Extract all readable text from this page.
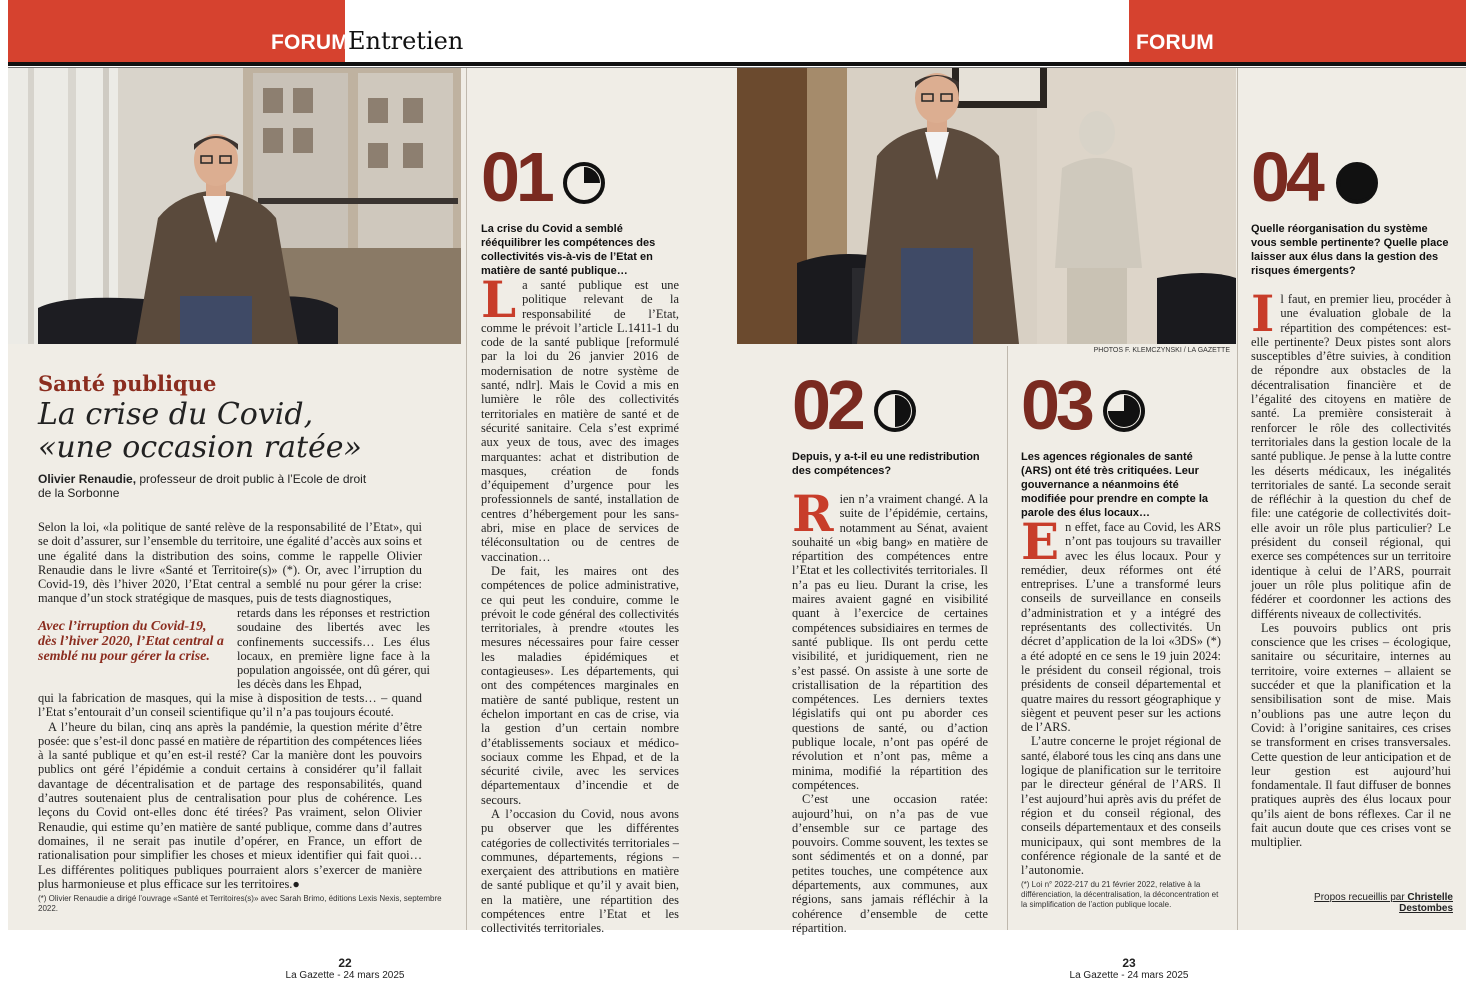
FORUM Entretien	FORUM
PHOTOS F. KLEMCZYNSKI / LA GAZETTE
Santé publique
La crise du Covid,
«une occasion ratée»
Olivier Renaudie, professeur de droit public à l’Ecole de droit de la Sorbonne

Selon la loi, «la politique de santé relève de la responsabilité de l’Etat», qui se doit d’assurer, sur l’ensemble du territoire, une égalité d’accès aux soins et une égalité dans la distribution des soins, comme le rappelle Olivier Renaudie dans le livre «Santé et Territoire(s)» (*). Or, avec l’irruption du Covid-19, dès l’hiver 2020, l’Etat central a semblé nu pour gérer la crise: manque d’un stock stratégique de masques, puis de tests diagnostiques,

Avec l’irruption du Covid-19, dès l’hiver 2020, l’Etat central a semblé nu pour gérer la crise.

retards dans les réponses et restriction soudaine des libertés avec les confinements successifs… Les élus locaux, en première ligne face à la population angoissée, ont dû gérer, qui les décès dans les Ehpad,

qui la fabrication de masques, qui la mise à disposition de tests… – quand l’Etat s’entourait d’un conseil scientifique qu’il n’a pas toujours écouté.

A l’heure du bilan, cinq ans après la pandémie, la question mérite d’être posée: que s’est-il donc passé en matière de répartition des compétences liées à la santé publique et qu’en est-il resté? Car la manière dont les pouvoirs publics ont géré l’épidémie a conduit certains à considérer qu’il fallait davantage de décentralisation et de partage des responsabilités, quand d’autres soutenaient plus de centralisation pour plus de cohérence. Les leçons du Covid ont-elles donc été tirées? Pas vraiment, selon Olivier Renaudie, qui estime qu’en matière de santé publique, comme dans d’autres domaines, il ne serait pas inutile d’opérer, en France, un effort de rationalisation pour simplifier les choses et mieux identifier qui fait quoi… Les différentes politiques publiques pourraient alors s’exercer de manière plus harmonieuse et plus efficace sur les territoires.●

(*) Olivier Renaudie a dirigé l’ouvrage «Santé et Territoires(s)» avec Sarah Brimo, éditions Lexis Nexis, septembre 2022.
01
La crise du Covid a semblé rééquilibrer les compétences des collectivités vis-à-vis de l’Etat en matière de santé publique…

La santé publique est une politique relevant de la responsabilité de l’Etat, comme le prévoit l’article L.1411-1 du code de la santé publique [reformulé par la loi du 26 janvier 2016 de modernisation de notre système de santé, ndlr]. Mais le Covid a mis en lumière le rôle des collectivités territoriales en matière de santé et de sécurité sanitaire. Cela s’est exprimé aux yeux de tous, avec des images marquantes: achat et distribution de masques, création de fonds d’équipement d’urgence pour les professionnels de santé, installation de centres d’hébergement pour les sans-abri, mise en place de services de téléconsultation ou de centres de vaccination…

De fait, les maires ont des compétences de police administrative, ce qui peut les conduire, comme le prévoit le code général des collectivités territoriales, à prendre «toutes les mesures nécessaires pour faire cesser les maladies épidémiques et contagieuses». Les départements, qui ont des compétences marginales en matière de santé publique, restent un échelon important en cas de crise, via la gestion d’un certain nombre d’établissements sociaux et médico-sociaux comme les Ehpad, et de la sécurité civile, avec les services départementaux d’incendie et de secours.

A l’occasion du Covid, nous avons pu observer que les différentes catégories de collectivités territoriales – communes, départements, régions – exerçaient des attributions en matière de santé publique et qu’il y avait bien, en la matière, une répartition des compétences entre l’Etat et les collectivités territoriales.

02
Depuis, y a-t-il eu une redistribution des compétences?

Rien n’a vraiment changé. A la suite de l’épidémie, certains, notamment au Sénat, avaient souhaité un «big bang» en matière de répartition des compétences entre l’Etat et les collectivités territoriales. Il n’a pas eu lieu. Durant la crise, les maires avaient gagné en visibilité quant à l’exercice de certaines compétences subsidiaires en termes de santé publique. Ils ont perdu cette visibilité, et juridiquement, rien ne s’est passé. On assiste à une sorte de cristallisation de la répartition des compétences. Les derniers textes législatifs qui ont pu aborder ces questions de santé, ou d’action publique locale, n’ont pas opéré de révolution et n’ont pas, même a minima, modifié la répartition des compétences.

C’est une occasion ratée: aujourd’hui, on n’a pas de vue d’ensemble sur ce partage des pouvoirs. Comme souvent, les textes se sont sédimentés et on a donné, par petites touches, une compétence aux départements, aux communes, aux régions, sans jamais réfléchir à la cohérence d’ensemble de cette répartition.

03
Les agences régionales de santé (ARS) ont été très critiquées. Leur gouvernance a néanmoins été modifiée pour prendre en compte la parole des élus locaux…

En effet, face au Covid, les ARS n’ont pas toujours su travailler avec les élus locaux. Pour y remédier, deux réformes ont été entreprises. L’une a transformé leurs conseils de surveillance en conseils d’administration et y a intégré des représentants des collectivités. Un décret d’application de la loi «3DS» (*) a été adopté en ce sens le 19 juin 2024: le président du conseil régional, trois présidents de conseil départemental et quatre maires du ressort géographique y siègent et peuvent peser sur les actions de l’ARS.

L’autre concerne le projet régional de santé, élaboré tous les cinq ans dans une logique de planification sur le territoire par le directeur général de l’ARS. Il l’est aujourd’hui après avis du préfet de région et du conseil régional, des conseils départementaux et des conseils municipaux, qui sont membres de la conférence régionale de la santé et de l’autonomie.

(*) Loi n° 2022-217 du 21 février 2022, relative à la différenciation, la décentralisation, la déconcentration et la simplification de l’action publique locale.
04
Quelle réorganisation du système vous semble pertinente? Quelle place laisser aux élus dans la gestion des risques émergents?

Il faut, en premier lieu, procéder à une évaluation globale de la répartition des compétences: est-elle pertinente? Deux pistes sont alors susceptibles d’être suivies, à condition de répondre aux obstacles de la décentralisation financière et de l’égalité des citoyens en matière de santé. La première consisterait à renforcer le rôle des collectivités territoriales dans la gestion locale de la santé publique. Je pense à la lutte contre les déserts médicaux, les inégalités territoriales de santé. La seconde serait de réfléchir à la question du chef de file: une catégorie de collectivités doit-elle avoir un rôle plus particulier? Le président du conseil régional, qui exerce ses compétences sur un territoire identique à celui de l’ARS, pourrait jouer un rôle plus politique afin de fédérer et coordonner les actions des différents niveaux de collectivités.

Les pouvoirs publics ont pris conscience que les crises – écologique, sanitaire ou sécuritaire, internes au territoire, voire externes – allaient se succéder et que la planification et la sensibilisation sont de mise. Mais n’oublions pas une autre leçon du Covid: à l’origine sanitaires, ces crises se transforment en crises transversales. Cette question de leur anticipation et de leur gestion est aujourd’hui fondamentale. Il faut diffuser de bonnes pratiques auprès des élus locaux pour qu’ils aient de bons réflexes. Car il ne fait aucun doute que ces crises vont se multiplier.

Propos recueillis par Christelle Destombes
22
La Gazette - 24 mars 2025
23
La Gazette - 24 mars 2025
